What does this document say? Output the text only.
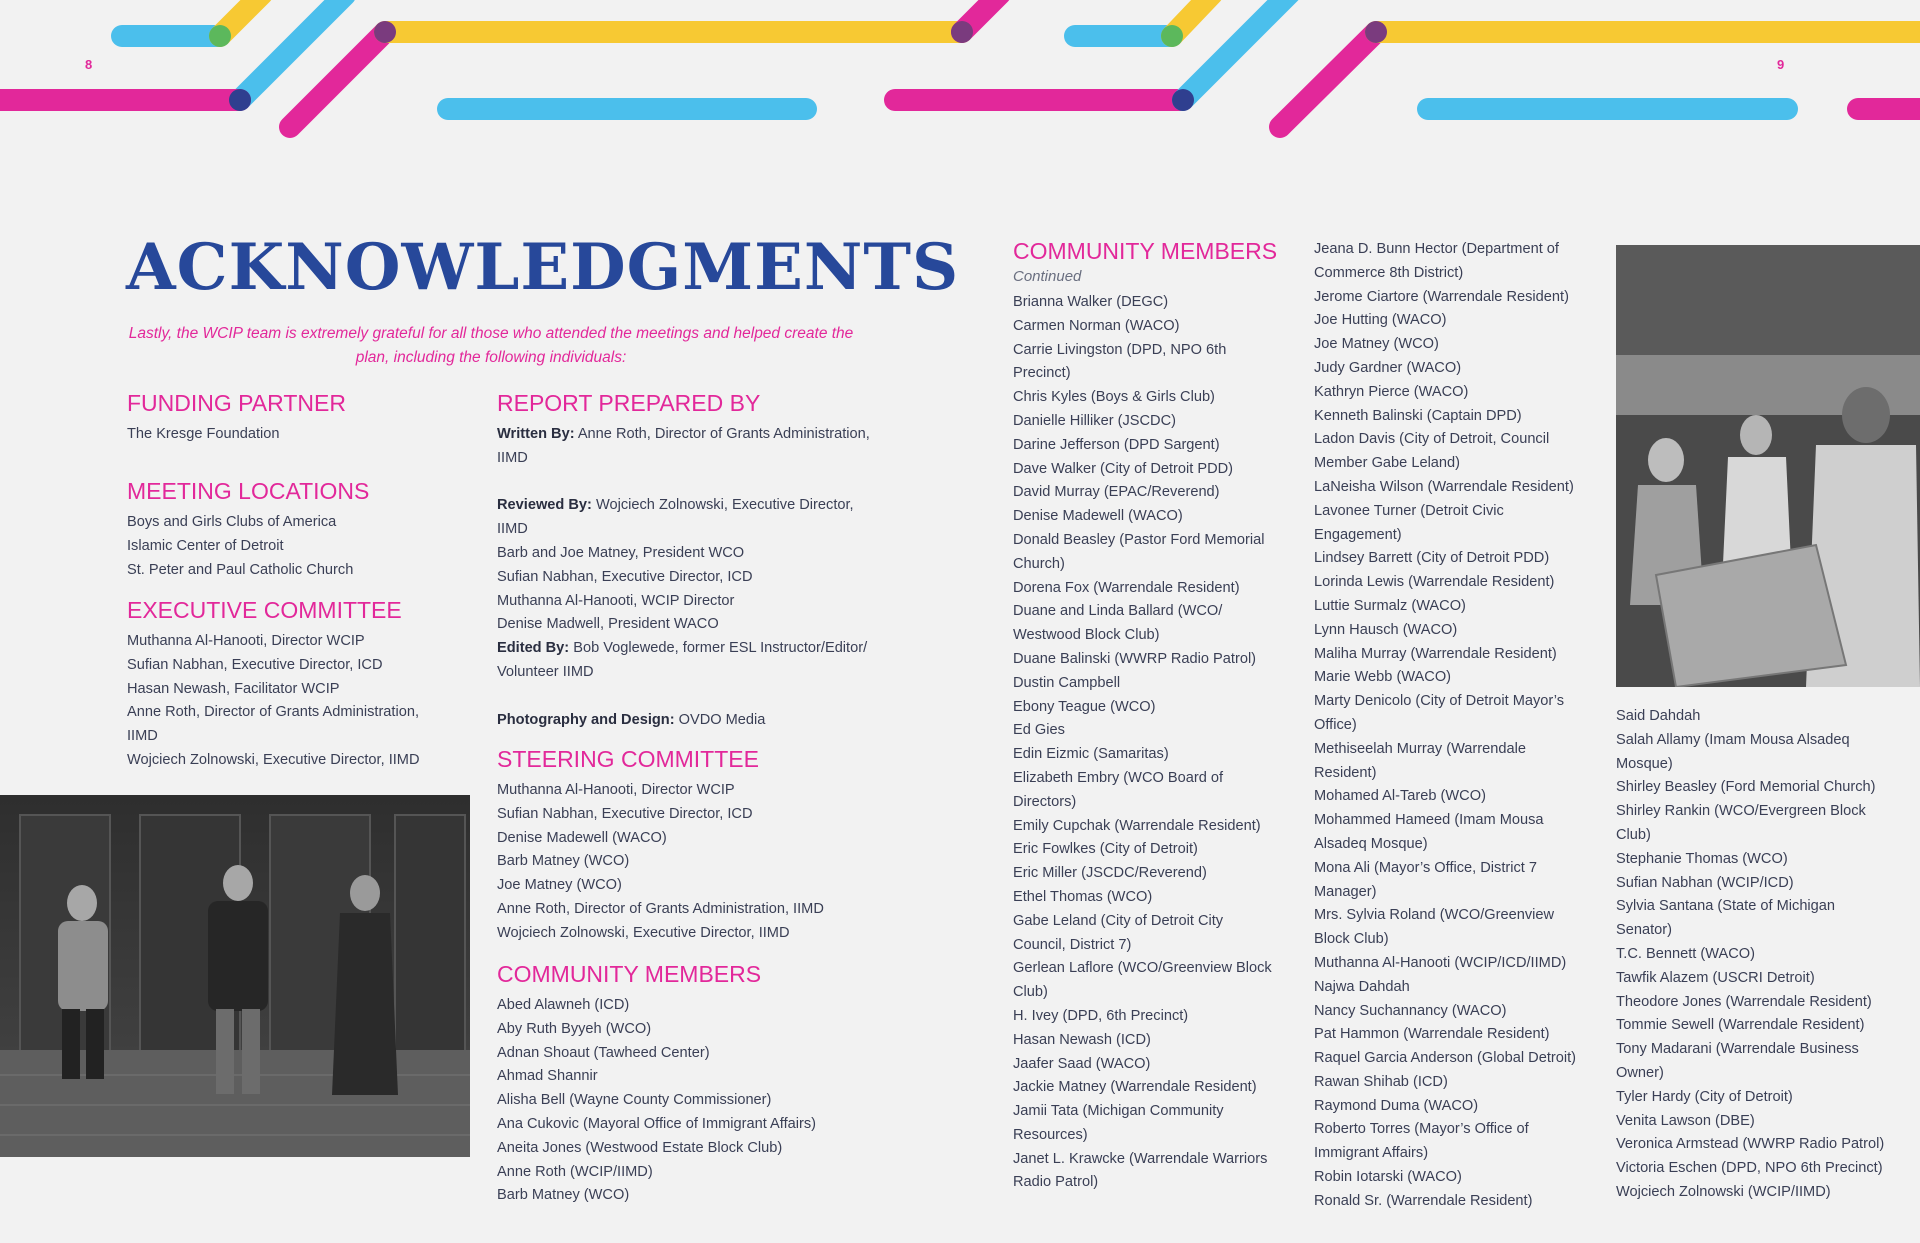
8	9
ACKNOWLEDGMENTS

Lastly, the WCIP team is extremely grateful for all those who attended the meetings and helped create the plan, including the following individuals:

FUNDING PARTNER
The Kresge Foundation
MEETING LOCATIONS
Boys and Girls Clubs of America
Islamic Center of Detroit
St. Peter and Paul Catholic Church
EXECUTIVE COMMITTEE
Muthanna Al-Hanooti, Director WCIP
Sufian Nabhan, Executive Director, ICD
Hasan Newash, Facilitator WCIP
Anne Roth, Director of Grants Administration,
IIMD
Wojciech Zolnowski, Executive Director, IIMD
REPORT PREPARED BY

Written By: Anne Roth, Director of Grants Administration,
IIMD

Reviewed By: Wojciech Zolnowski, Executive Director,
IIMD

Barb and Joe Matney, President WCO
Sufian Nabhan, Executive Director, ICD
Muthanna Al-Hanooti, WCIP Director
Denise Madwell, President WACO

Edited By: Bob Voglewede, former ESL Instructor/Editor/
Volunteer IIMD

Photography and Design: OVDO Media

STEERING COMMITTEE
Muthanna Al-Hanooti, Director WCIP
Sufian Nabhan, Executive Director, ICD
Denise Madewell (WACO)
Barb Matney (WCO)
Joe Matney (WCO)
Anne Roth, Director of Grants Administration, IIMD
Wojciech Zolnowski, Executive Director, IIMD
COMMUNITY MEMBERS
Abed Alawneh (ICD)
Aby Ruth Byyeh (WCO)
Adnan Shoaut (Tawheed Center)
Ahmad Shannir
Alisha Bell (Wayne County Commissioner)
Ana Cukovic (Mayoral Office of Immigrant Affairs)
Aneita Jones (Westwood Estate Block Club)
Anne Roth (WCIP/IIMD)
Barb Matney (WCO)
COMMUNITY MEMBERS
Continued
Brianna Walker (DEGC)
Carmen Norman (WACO)
Carrie Livingston (DPD, NPO 6th
Precinct)
Chris Kyles (Boys & Girls Club)
Danielle Hilliker (JSCDC)
Darine Jefferson (DPD Sargent)
Dave Walker (City of Detroit PDD)
David Murray (EPAC/Reverend)
Denise Madewell (WACO)
Donald Beasley (Pastor Ford Memorial
Church)
Dorena Fox (Warrendale Resident)
Duane and Linda Ballard (WCO/
Westwood Block Club)
Duane Balinski (WWRP Radio Patrol)
Dustin Campbell
Ebony Teague (WCO)
Ed Gies
Edin Eizmic (Samaritas)
Elizabeth Embry (WCO Board of
Directors)
Emily Cupchak (Warrendale Resident)
Eric Fowlkes (City of Detroit)
Eric Miller (JSCDC/Reverend)
Ethel Thomas (WCO)
Gabe Leland (City of Detroit City
Council, District 7)
Gerlean Laflore (WCO/Greenview Block
Club)
H. Ivey (DPD, 6th Precinct)
Hasan Newash (ICD)
Jaafer Saad (WACO)
Jackie Matney (Warrendale Resident)
Jamii Tata (Michigan Community
Resources)
Janet L. Krawcke (Warrendale Warriors
Radio Patrol)
Jeana D. Bunn Hector (Department of
Commerce 8th District)
Jerome Ciartore (Warrendale Resident)
Joe Hutting (WACO)
Joe Matney (WCO)
Judy Gardner (WACO)
Kathryn Pierce (WACO)
Kenneth Balinski (Captain DPD)
Ladon Davis (City of Detroit, Council
Member Gabe Leland)
LaNeisha Wilson (Warrendale Resident)
Lavonee Turner (Detroit Civic
Engagement)
Lindsey Barrett (City of Detroit PDD)
Lorinda Lewis (Warrendale Resident)
Luttie Surmalz (WACO)
Lynn Hausch (WACO)
Maliha Murray (Warrendale Resident)
Marie Webb (WACO)
Marty Denicolo (City of Detroit Mayor’s
Office)
Methiseelah Murray (Warrendale
Resident)
Mohamed Al-Tareb (WCO)
Mohammed Hameed (Imam Mousa
Alsadeq Mosque)
Mona Ali (Mayor’s Office, District 7
Manager)
Mrs. Sylvia Roland (WCO/Greenview
Block Club)
Muthanna Al-Hanooti (WCIP/ICD/IIMD)
Najwa Dahdah
Nancy Suchannancy (WACO)
Pat Hammon (Warrendale Resident)
Raquel Garcia Anderson (Global Detroit)
Rawan Shihab (ICD)
Raymond Duma (WACO)
Roberto Torres (Mayor’s Office of
Immigrant Affairs)
Robin Iotarski (WACO)
Ronald Sr. (Warrendale Resident)
Said Dahdah
Salah Allamy (Imam Mousa Alsadeq
Mosque)
Shirley Beasley (Ford Memorial Church)
Shirley Rankin (WCO/Evergreen Block
Club)
Stephanie Thomas (WCO)
Sufian Nabhan (WCIP/ICD)
Sylvia Santana (State of Michigan
Senator)
T.C. Bennett (WACO)
Tawfik Alazem (USCRI Detroit)
Theodore Jones (Warrendale Resident)
Tommie Sewell (Warrendale Resident)
Tony Madarani (Warrendale Business
Owner)
Tyler Hardy (City of Detroit)
Venita Lawson (DBE)
Veronica Armstead (WWRP Radio Patrol)
Victoria Eschen (DPD, NPO 6th Precinct)
Wojciech Zolnowski (WCIP/IIMD)
